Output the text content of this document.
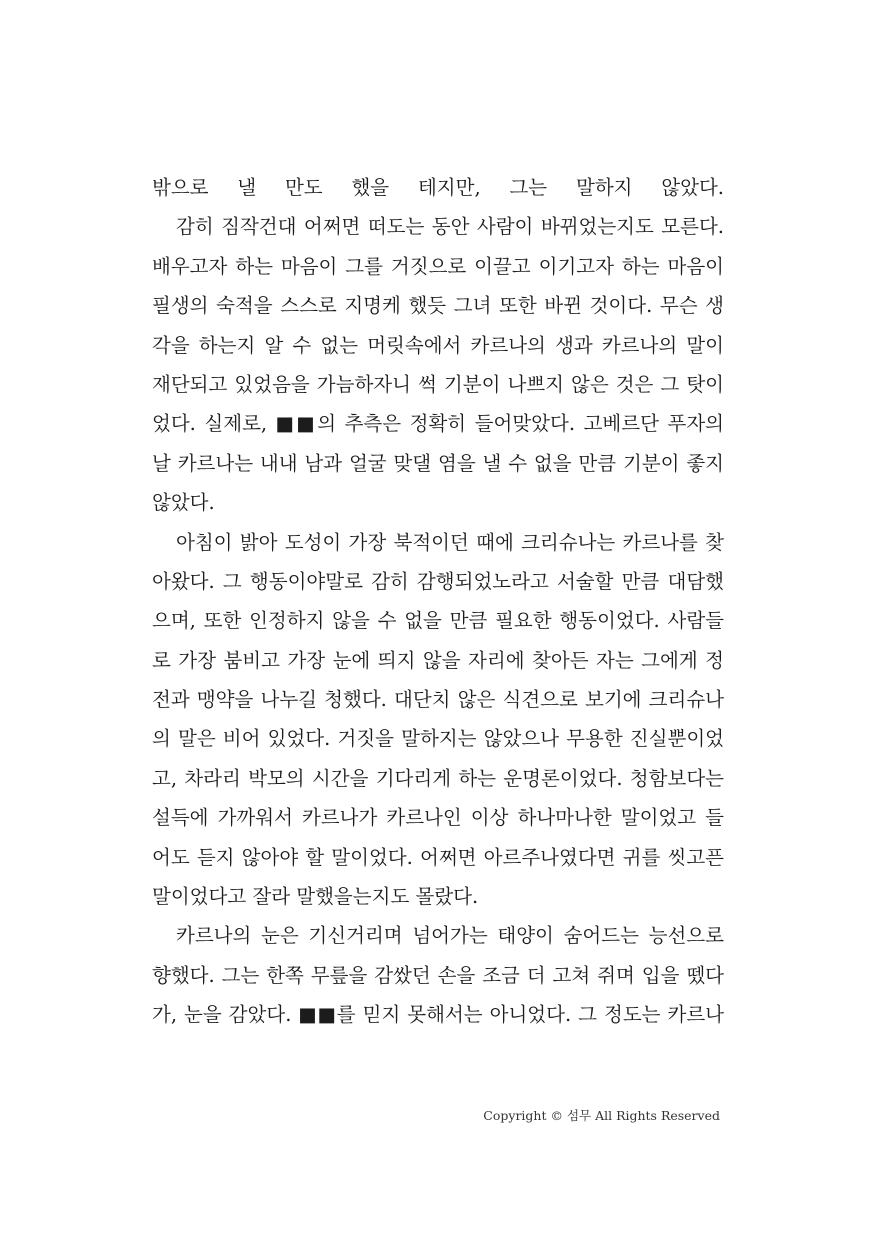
밖으로 낼 만도 했을 테지만, 그는 말하지 않았다.
감히 짐작건대 어쩌면 떠도는 동안 사람이 바뀌었는지도 모른다.
배우고자 하는 마음이 그를 거짓으로 이끌고 이기고자 하는 마음이
필생의 숙적을 스스로 지명케 했듯 그녀 또한 바뀐 것이다. 무슨 생
각을 하는지 알 수 없는 머릿속에서 카르나의 생과 카르나의 말이
재단되고 있었음을 가늠하자니 썩 기분이 나쁘지 않은 것은 그 탓이
었다. 실제로, ■■의 추측은 정확히 들어맞았다. 고베르단 푸자의
날 카르나는 내내 남과 얼굴 맞댈 염을 낼 수 없을 만큼 기분이 좋지
않았다.
아침이 밝아 도성이 가장 북적이던 때에 크리슈나는 카르나를 찾
아왔다. 그 행동이야말로 감히 감행되었노라고 서술할 만큼 대담했
으며, 또한 인정하지 않을 수 없을 만큼 필요한 행동이었다. 사람들
로 가장 붐비고 가장 눈에 띄지 않을 자리에 찾아든 자는 그에게 정
전과 맹약을 나누길 청했다. 대단치 않은 식견으로 보기에 크리슈나
의 말은 비어 있었다. 거짓을 말하지는 않았으나 무용한 진실뿐이었
고, 차라리 박모의 시간을 기다리게 하는 운명론이었다. 청함보다는
설득에 가까워서 카르나가 카르나인 이상 하나마나한 말이었고 들
어도 듣지 않아야 할 말이었다. 어쩌면 아르주나였다면 귀를 씻고픈
말이었다고 잘라 말했을는지도 몰랐다.
카르나의 눈은 기신거리며 넘어가는 태양이 숨어드는 능선으로
향했다. 그는 한쪽 무릎을 감쌌던 손을 조금 더 고쳐 쥐며 입을 뗐다
가, 눈을 감았다. ■■를 믿지 못해서는 아니었다. 그 정도는 카르나
Copyright © 섬무 All Rights Reserved
